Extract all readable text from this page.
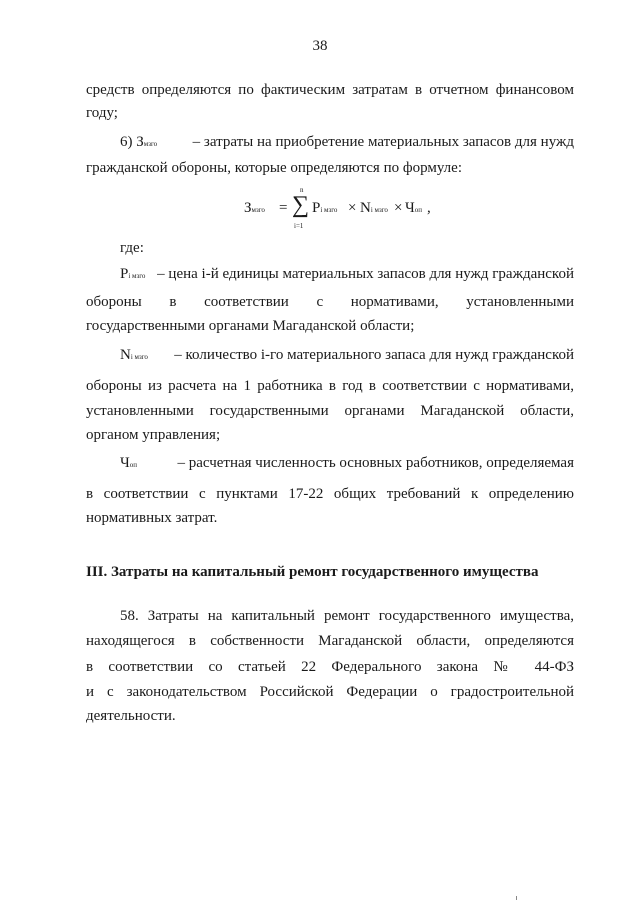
38
средств определяются по фактическим затратам в отчетном финансовом
году;
6) Змзго – затраты на приобретение материальных запасов для нужд
гражданской обороны, которые определяются по формуле:
Змзго = ∑
n
i=1
Pi мзго × Ni мзго × Чоп ,
где:
Pi мзго – цена i-й единицы материальных запасов для нужд гражданской
обороны в соответствии с нормативами, установленными
государственными органами Магаданской области;
Ni мзго – количество i-го материального запаса для нужд гражданской
обороны из расчета на 1 работника в год в соответствии с нормативами,
установленными государственными органами Магаданской области,
органом управления;
Чоп	– расчетная численность основных работников, определяемая
в соответствии с пунктами 17-22 общих требований к определению
нормативных затрат.
III. Затраты на капитальный ремонт государственного имущества
58. Затраты на капитальный ремонт государственного имущества,
находящегося в собственности Магаданской области, определяются
в соответствии со статьей 22 Федерального закона № 44-ФЗ
и с законодательством Российской Федерации о градостроительной
деятельности.
